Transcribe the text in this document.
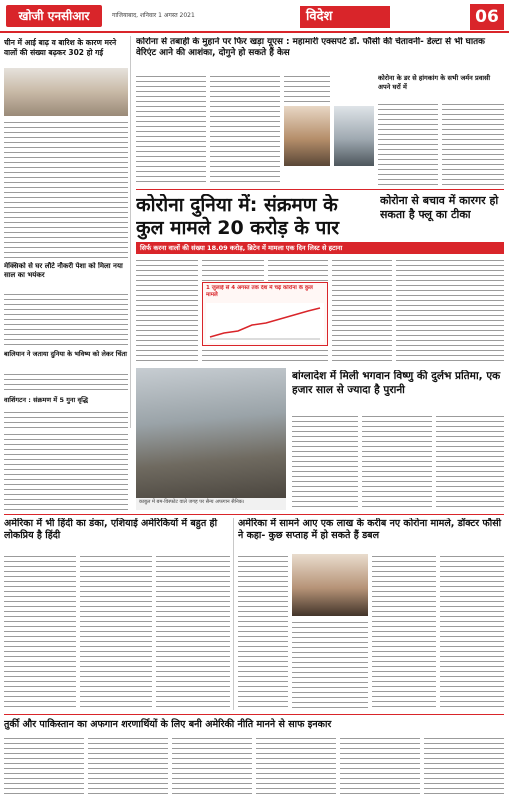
खोजी एनसीआर	गाजियाबाद, शनिवार 1 अगस्त 2021	विदेश	06
चीन में आई बाढ़ व बारिश के कारण मरने वालों की संख्या बढ़कर 302 हो गई
मेक्सिको से घर लौटे नौकरी पेशा को मिला नया साल का भयंकर
बालियान ने जताया दुनिया के भविष्य को लेकर चिंता
वाशिंगटन : संक्रमण में 5 गुना वृद्धि
कोरोना से तबाही के मुहाने पर फिर खड़ा यूएस : महामारी एक्सपर्ट डॉ. फौसी की चेतावनी- डेल्टा से भी घातक वेरिएंट आने की आशंका, दोगुने हो सकते हैं केस
कोरोना के डर से हांगकांग के सभी जर्मन प्रवासी अपने घरों में
कोरोना दुनिया में: संक्रमण के कुल मामले 20 करोड़ के पार
सिर्फ करना वालों की संख्या 18.09 करोड़, ब्रिटेन में मामला एक दिन लिस्ट से हटाना
1 जुलाई से 4 अगस्त तक देश में चढ़े कोरोना के कुल मामले
कोरोना से बचाव में कारगर हो सकता है फ्लू का टीका
काबुल में बम-विस्फोट वाले जगह पर सैन्य अफगान सैनिक।
बांग्लादेश में मिली भगवान विष्णु की दुर्लभ प्रतिमा, एक हजार साल से ज्यादा है पुरानी
अमेरिका में भी हिंदी का डंका, एशियाई अमेरिकियों में बहुत ही लोकप्रिय है हिंदी
अमेरिका में सामने आए एक लाख के करीब नए कोरोना मामले, डॉक्टर फौसी ने कहा- कुछ सप्ताह में हो सकते हैं डबल
तुर्की और पाकिस्तान का अफगान शरणार्थियों के लिए बनी अमेरिकी नीति मानने से साफ इनकार
